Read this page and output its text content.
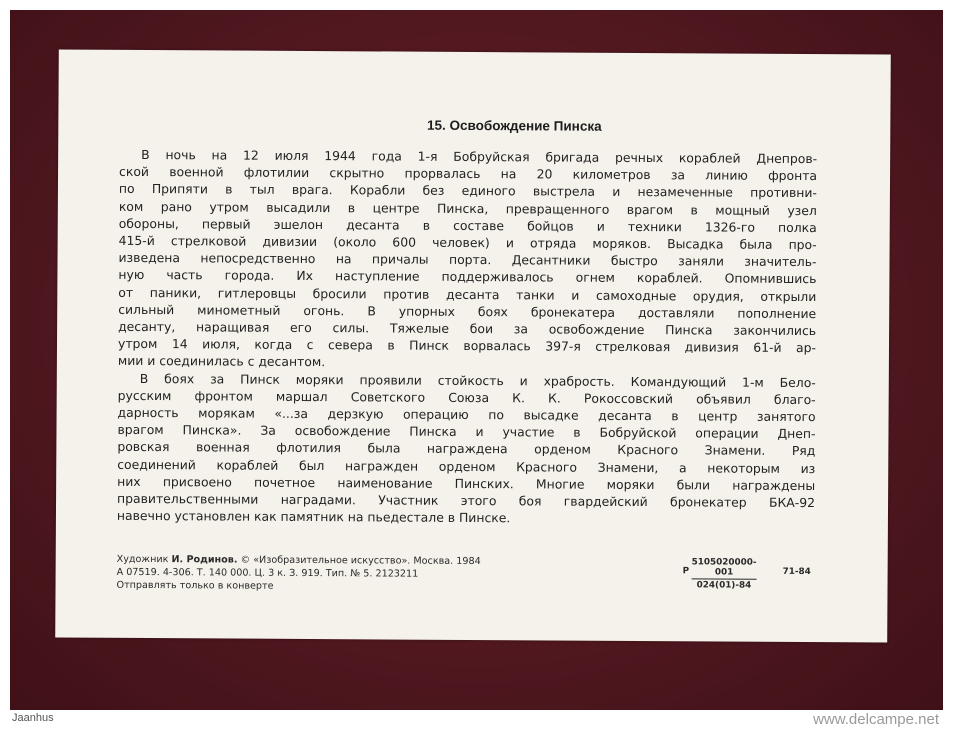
15. Освобождение Пинска

В ночь на 12 июля 1944 года 1-я Бобруйская бригада речных кораблей Днепров-
ской военной флотилии скрытно прорвалась на 20 километров за линию фронта
по Припяти в тыл врага. Корабли без единого выстрела и незамеченные противни-
ком рано утром высадили в центре Пинска, превращенного врагом в мощный узел
обороны, первый эшелон десанта в составе бойцов и техники 1326-го полка
415-й стрелковой дивизии (около 600 человек) и отряда моряков. Высадка была про-
изведена непосредственно на причалы порта. Десантники быстро заняли значитель-
ную часть города. Их наступление поддерживалось огнем кораблей. Опомнившись
от паники, гитлеровцы бросили против десанта танки и самоходные орудия, открыли
сильный минометный огонь. В упорных боях бронекатера доставляли пополнение
десанту, наращивая его силы. Тяжелые бои за освобождение Пинска закончились
утром 14 июля, когда с севера в Пинск ворвалась 397-я стрелковая дивизия 61-й ар-
мии и соединилась с десантом.

В боях за Пинск моряки проявили стойкость и храбрость. Командующий 1-м Бело-
русским фронтом маршал Советского Союза К. К. Рокоссовский объявил благо-
дарность морякам «...за дерзкую операцию по высадке десанта в центр занятого
врагом Пинска». За освобождение Пинска и участие в Бобруйской операции Днеп-
ровская военная флотилия была награждена орденом Красного Знамени. Ряд
соединений кораблей был награжден орденом Красного Знамени, а некоторым из
них присвоено почетное наименование Пинских. Многие моряки были награждены
правительственными наградами. Участник этого боя гвардейский бронекатер БКА-92
навечно установлен как памятник на пьедестале в Пинске.

Художник И. Родинов. © «Изобразительное искусство». Москва. 1984
А 07519. 4-306. Т. 140 000. Ц. 3 к. З. 919. Тип. № 5. 2123211
Отправлять только в конверте
Р $\frac{5105020000-001}{024(01)-84}$	71-84
Jaanhus	www.delcampe.net
